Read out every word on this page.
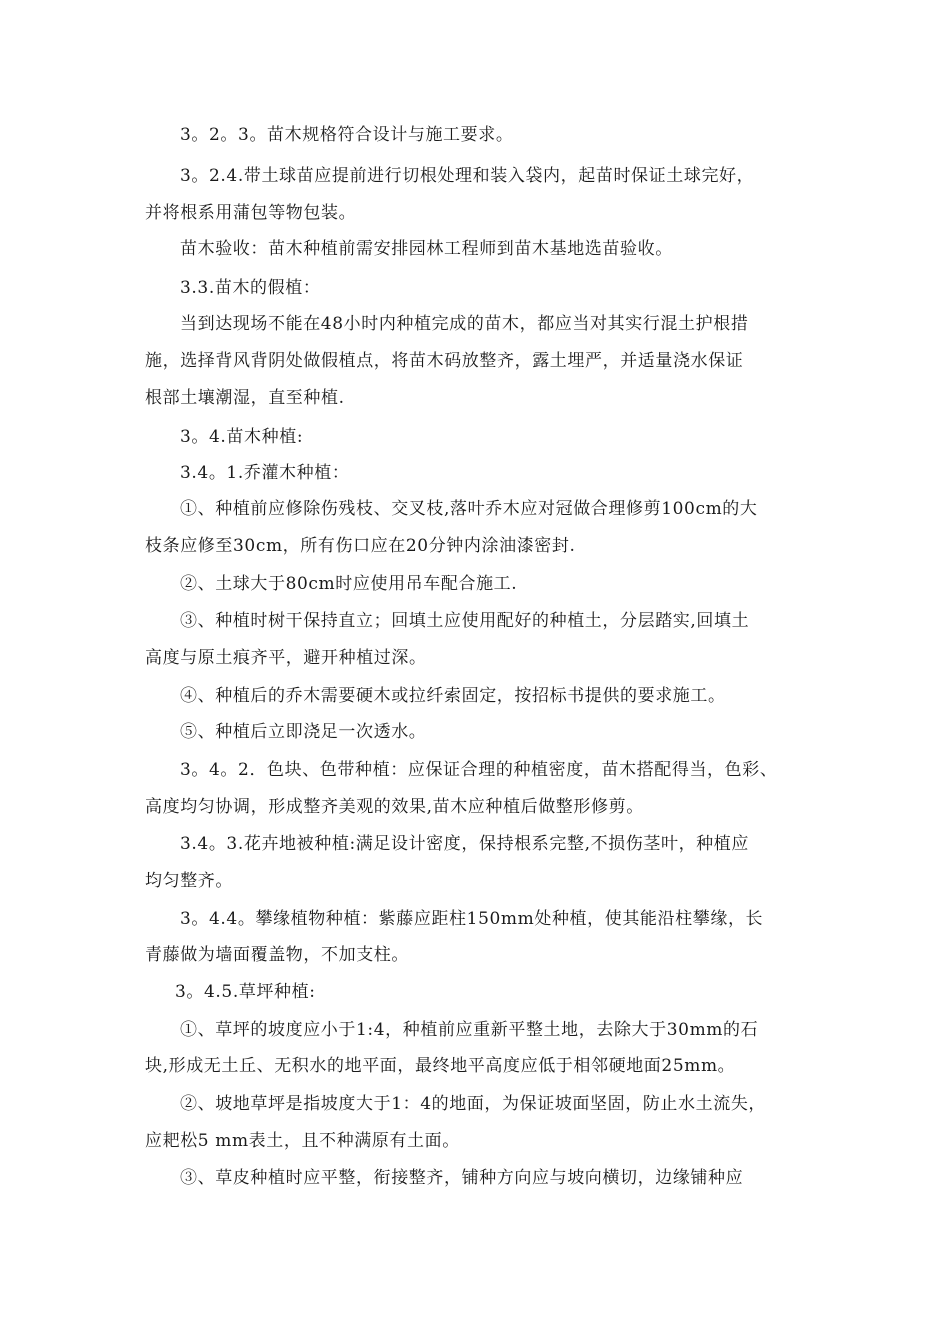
3。2。3。苗木规格符合设计与施工要求。
3。2.4.带土球苗应提前进行切根处理和装入袋内，起苗时保证土球完好，
并将根系用蒲包等物包装。
苗木验收：苗木种植前需安排园林工程师到苗木基地选苗验收。
3.3.苗木的假植：
当到达现场不能在48小时内种植完成的苗木，都应当对其实行混土护根措
施，选择背风背阴处做假植点，将苗木码放整齐，露土埋严，并适量浇水保证
根部土壤潮湿，直至种植.
3。4.苗木种植:
3.4。1.乔灌木种植：
①、种植前应修除伤残枝、交叉枝,落叶乔木应对冠做合理修剪100cm的大
枝条应修至30cm，所有伤口应在20分钟内涂油漆密封.
②、土球大于80cm时应使用吊车配合施工.
③、种植时树干保持直立；回填土应使用配好的种植土，分层踏实,回填土
高度与原土痕齐平，避开种植过深。
④、种植后的乔木需要硬木或拉纤索固定，按招标书提供的要求施工。
⑤、种植后立即浇足一次透水。
3。4。2．色块、色带种植：应保证合理的种植密度，苗木搭配得当，色彩、
高度均匀协调，形成整齐美观的效果,苗木应种植后做整形修剪。
3.4。3.花卉地被种植:满足设计密度，保持根系完整,不损伤茎叶，种植应
均匀整齐。
3。4.4。攀缘植物种植：紫藤应距柱150mm处种植，使其能沿柱攀缘，长
青藤做为墙面覆盖物，不加支柱。
3。4.5.草坪种植:
①、草坪的坡度应小于1:4，种植前应重新平整土地，去除大于30mm的石
块,形成无土丘、无积水的地平面，最终地平高度应低于相邻硬地面25mm。
②、坡地草坪是指坡度大于1：4的地面，为保证坡面坚固，防止水土流失，
应耙松5 mm表土，且不种满原有土面。
③、草皮种植时应平整，衔接整齐，铺种方向应与坡向横切，边缘铺种应
